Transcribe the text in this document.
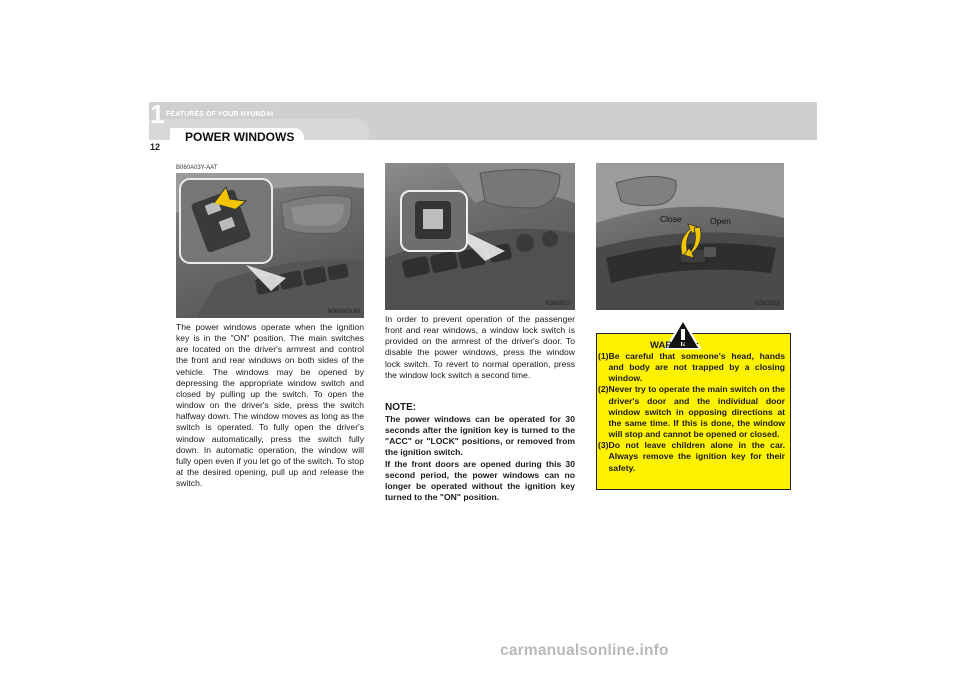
1 FEATURES OF YOUR HYUNDAI
12
POWER WINDOWS
B060A03Y-AAT
B060A03JM
HJM2017
Close	Open
HJM2016

The power windows operate when the ignition key is in the "ON" position. The main switches are located on the driver's armrest and control the front and rear windows on both sides of the vehicle. The windows may be opened by depressing the appropriate window switch and closed by pulling up the switch. To open the window on the driver's side, press the switch halfway down. The window moves as long as the switch is operated. To fully open the driver's window automatically, press the switch fully down. In automatic operation, the window will fully open even if you let go of the switch. To stop at the desired opening, pull up and release the switch.

In order to prevent operation of the passenger front and rear windows, a window lock switch is provided on the armrest of the driver's door. To disable the power windows, press the window lock switch. To revert to normal operation, press the window lock switch a second time.

NOTE:

The power windows can be operated for 30 seconds after the ignition key is turned to the "ACC" or "LOCK" positions, or removed from the ignition switch.

If the front doors are opened during this 30 second period, the power windows can no longer be operated without the ignition key turned to the "ON" position.

WARNING:
(1) Be careful that someone's head, hands and body are not trapped by a closing window.
(2) Never try to operate the main switch on the driver's door and the individual door window switch in opposing directions at the same time. If this is done, the window will stop and cannot be opened or closed.
(3) Do not leave children alone in the car. Always remove the ignition key for their safety.
carmanualsonline.info
